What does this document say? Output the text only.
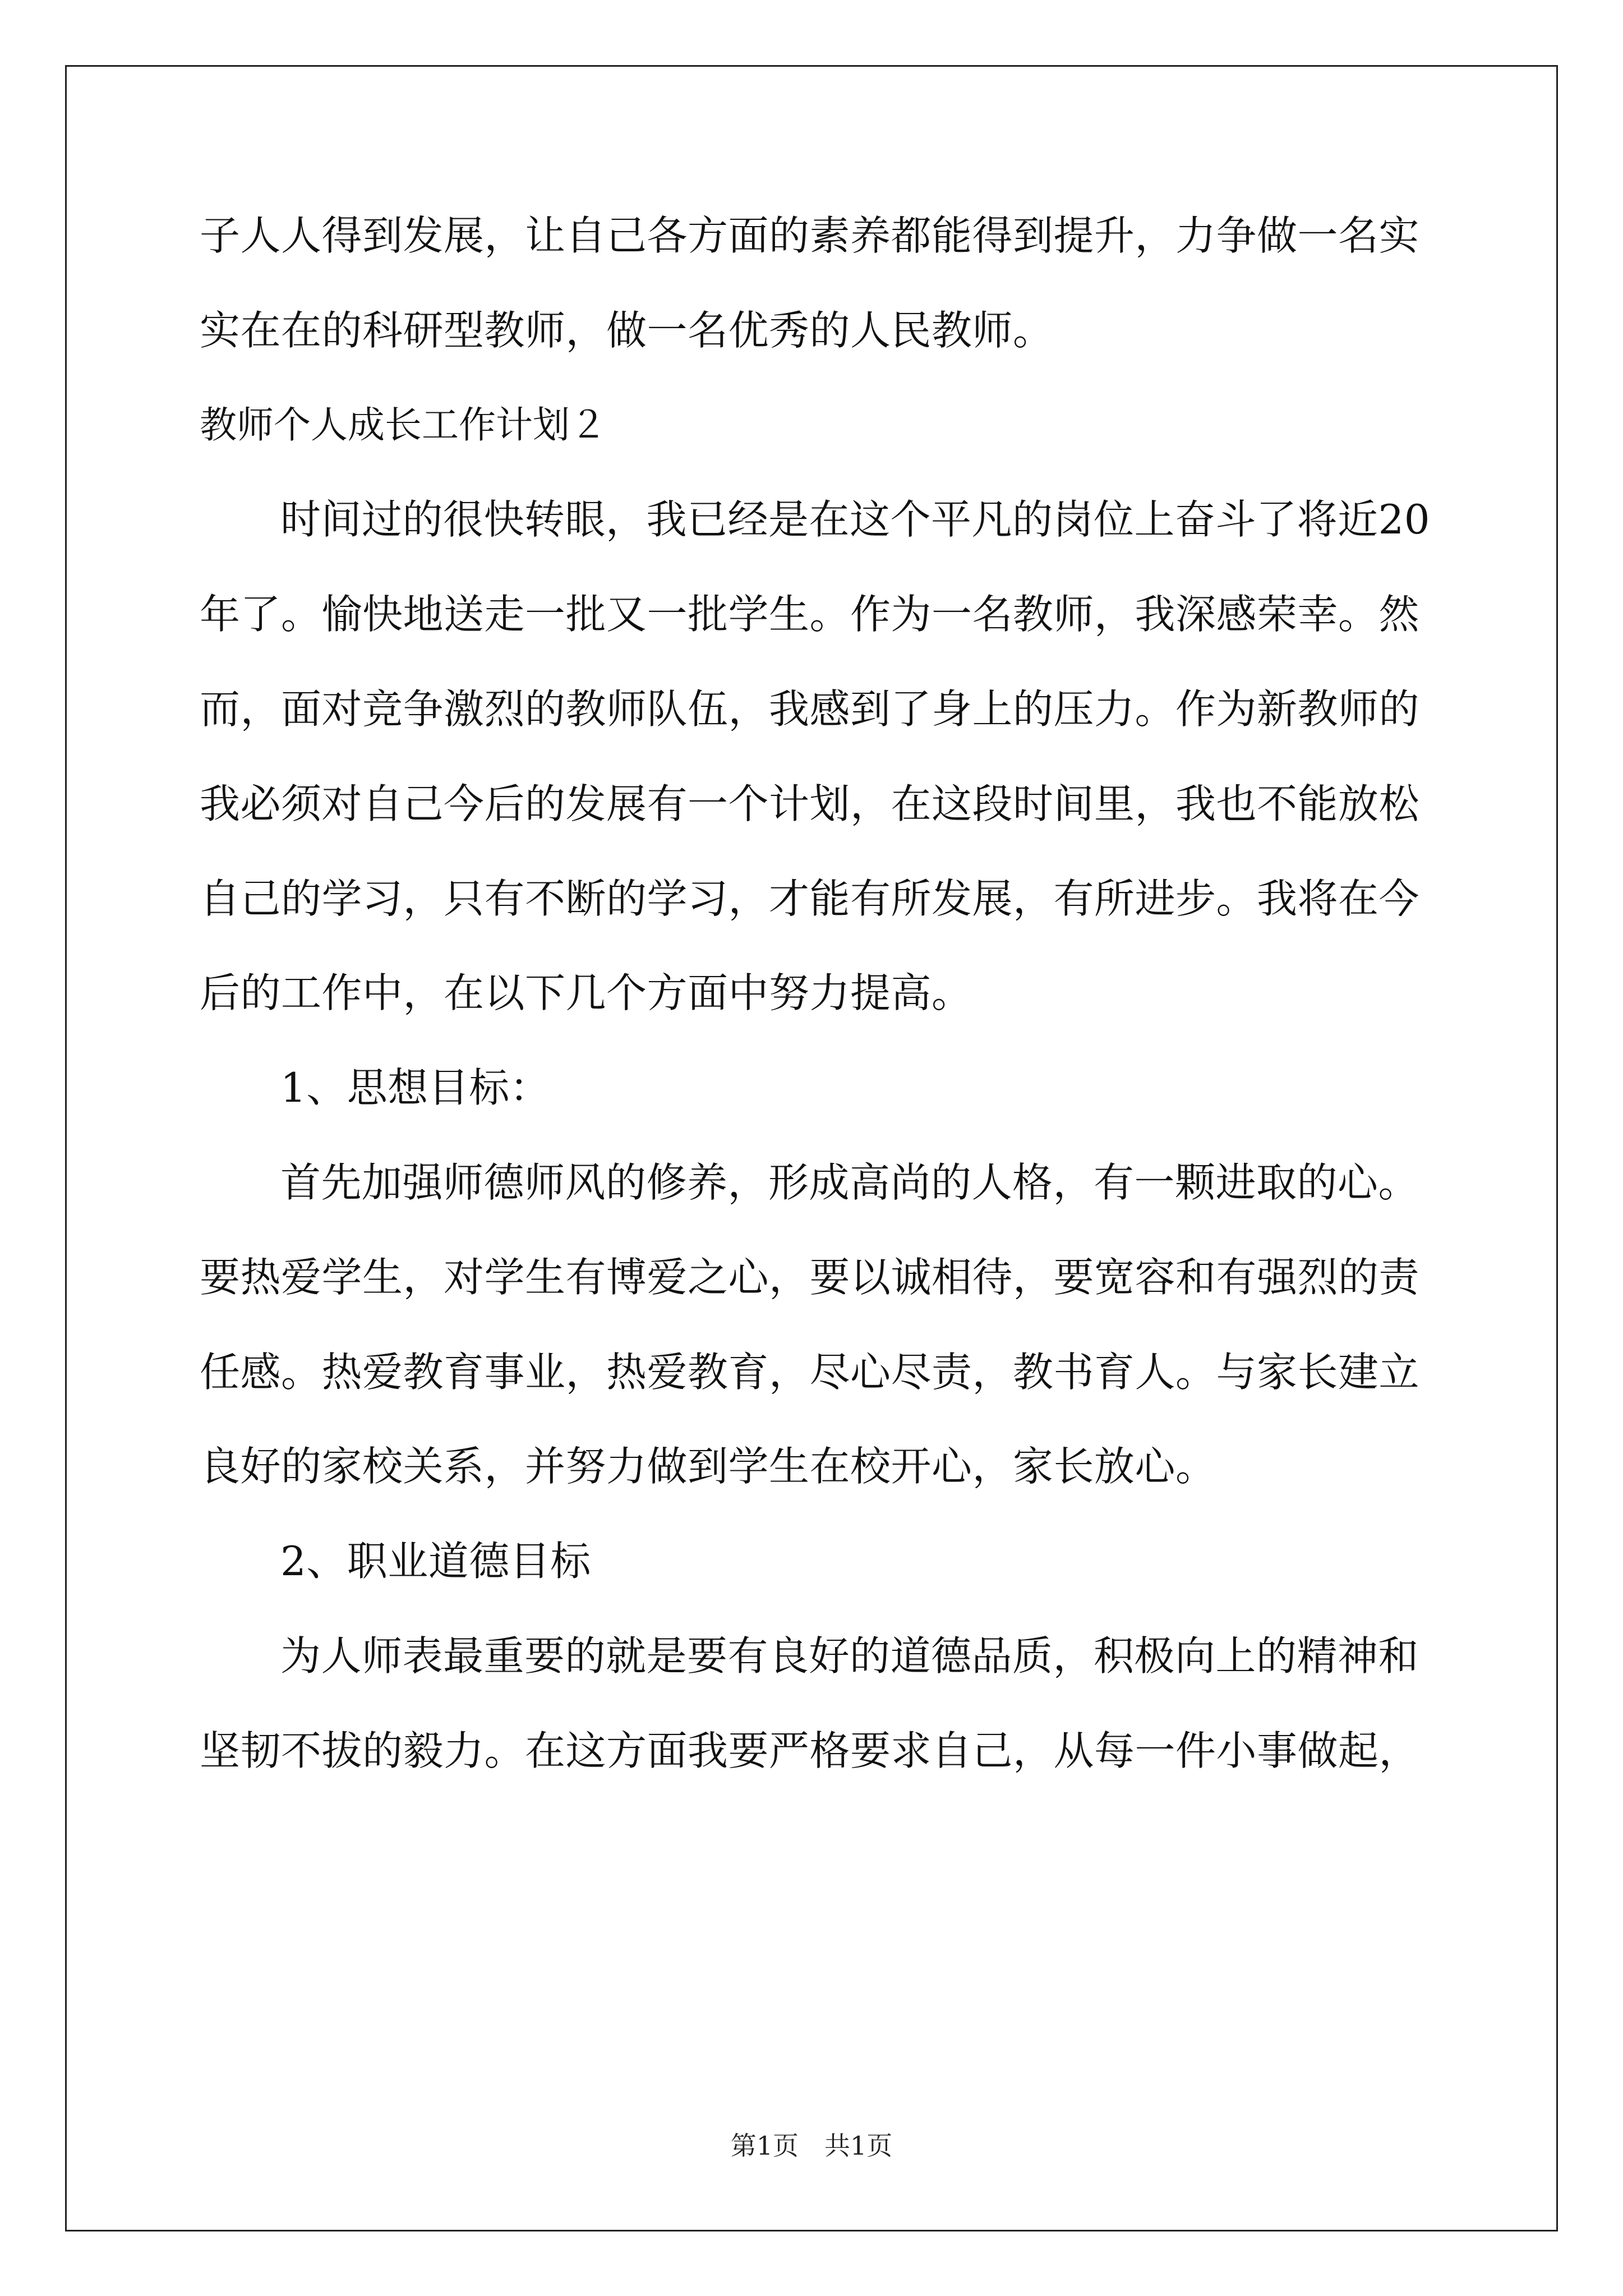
子人人得到发展，让自己各方面的素养都能得到提升，力争做一名实
实在在的科研型教师，做一名优秀的人民教师。
教师个人成长工作计划２
时间过的很快转眼，我已经是在这个平凡的岗位上奋斗了将近20
年了。愉快地送走一批又一批学生。作为一名教师，我深感荣幸。然
而，面对竞争激烈的教师队伍，我感到了身上的压力。作为新教师的
我必须对自己今后的发展有一个计划，在这段时间里，我也不能放松
自己的学习，只有不断的学习，才能有所发展，有所进步。我将在今
后的工作中，在以下几个方面中努力提高。
1、思想目标：
首先加强师德师风的修养，形成高尚的人格，有一颗进取的心。
要热爱学生，对学生有博爱之心，要以诚相待，要宽容和有强烈的责
任感。热爱教育事业，热爱教育，尽心尽责，教书育人。与家长建立
良好的家校关系，并努力做到学生在校开心，家长放心。
2、职业道德目标
为人师表最重要的就是要有良好的道德品质，积极向上的精神和
坚韧不拔的毅力。在这方面我要严格要求自己，从每一件小事做起，
第1页　共1页
